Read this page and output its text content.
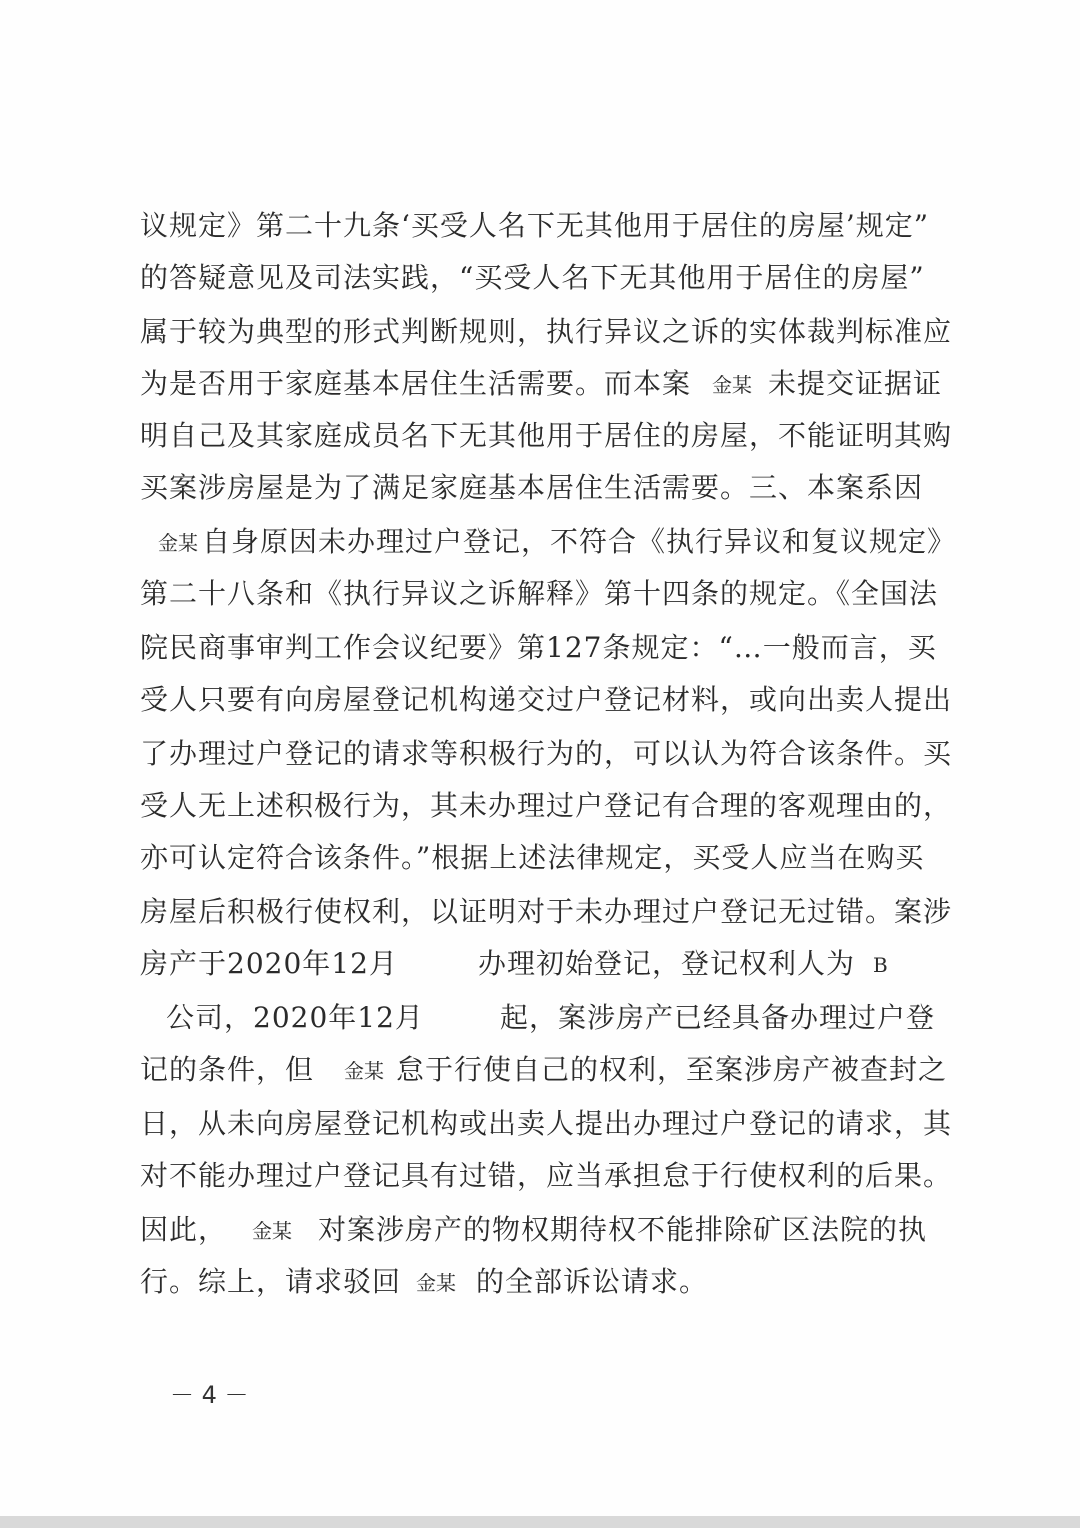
议规定》第二十九条‘买受人名下无其他用于居住的房屋’规定”
的答疑意见及司法实践，“买受人名下无其他用于居住的房屋”
属于较为典型的形式判断规则，执行异议之诉的实体裁判标准应
为是否用于家庭基本居住生活需要。而本案 金某 未提交证据证
明自己及其家庭成员名下无其他用于居住的房屋，不能证明其购
买案涉房屋是为了满足家庭基本居住生活需要。三、本案系因
金某 自身原因未办理过户登记，不符合《执行异议和复议规定》
第二十八条和《执行异议之诉解释》第十四条的规定。《全国法
院民商事审判工作会议纪要》第127条规定：“…一般而言，买
受人只要有向房屋登记机构递交过户登记材料，或向出卖人提出
了办理过户登记的请求等积极行为的，可以认为符合该条件。买
受人无上述积极行为，其未办理过户登记有合理的客观理由的，
亦可认定符合该条件。”根据上述法律规定，买受人应当在购买
房屋后积极行使权利，以证明对于未办理过户登记无过错。案涉
房产于2020年12月	办理初始登记，登记权利人为 B
公司，2020年12月	起，案涉房产已经具备办理过户登
记的条件，但 金某 怠于行使自己的权利，至案涉房产被查封之
日，从未向房屋登记机构或出卖人提出办理过户登记的请求，其
对不能办理过户登记具有过错，应当承担怠于行使权利的后果。
因此， 金某 对案涉房产的物权期待权不能排除矿区法院的执
行。综上，请求驳回 金某 的全部诉讼请求。
－ 4 －
